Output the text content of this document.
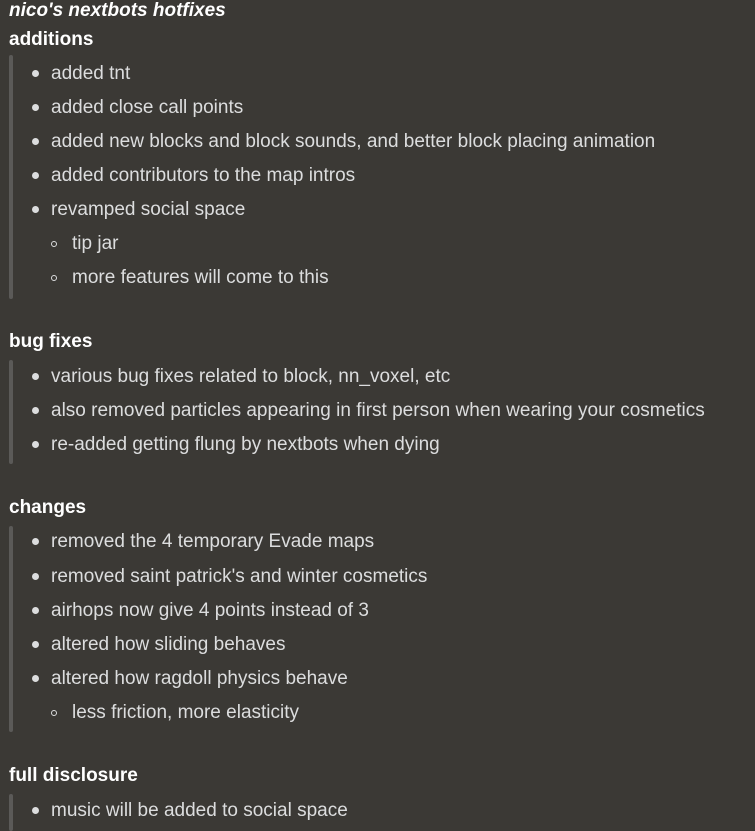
nico's nextbots hotfixes
additions
added tnt
added close call points
added new blocks and block sounds, and better block placing animation
added contributors to the map intros
revamped social space
tip jar
more features will come to this
bug fixes
various bug fixes related to block, nn_voxel, etc
also removed particles appearing in first person when wearing your cosmetics
re-added getting flung by nextbots when dying
changes
removed the 4 temporary Evade maps
removed saint patrick's and winter cosmetics
airhops now give 4 points instead of 3
altered how sliding behaves
altered how ragdoll physics behave
less friction, more elasticity
full disclosure
music will be added to social space
